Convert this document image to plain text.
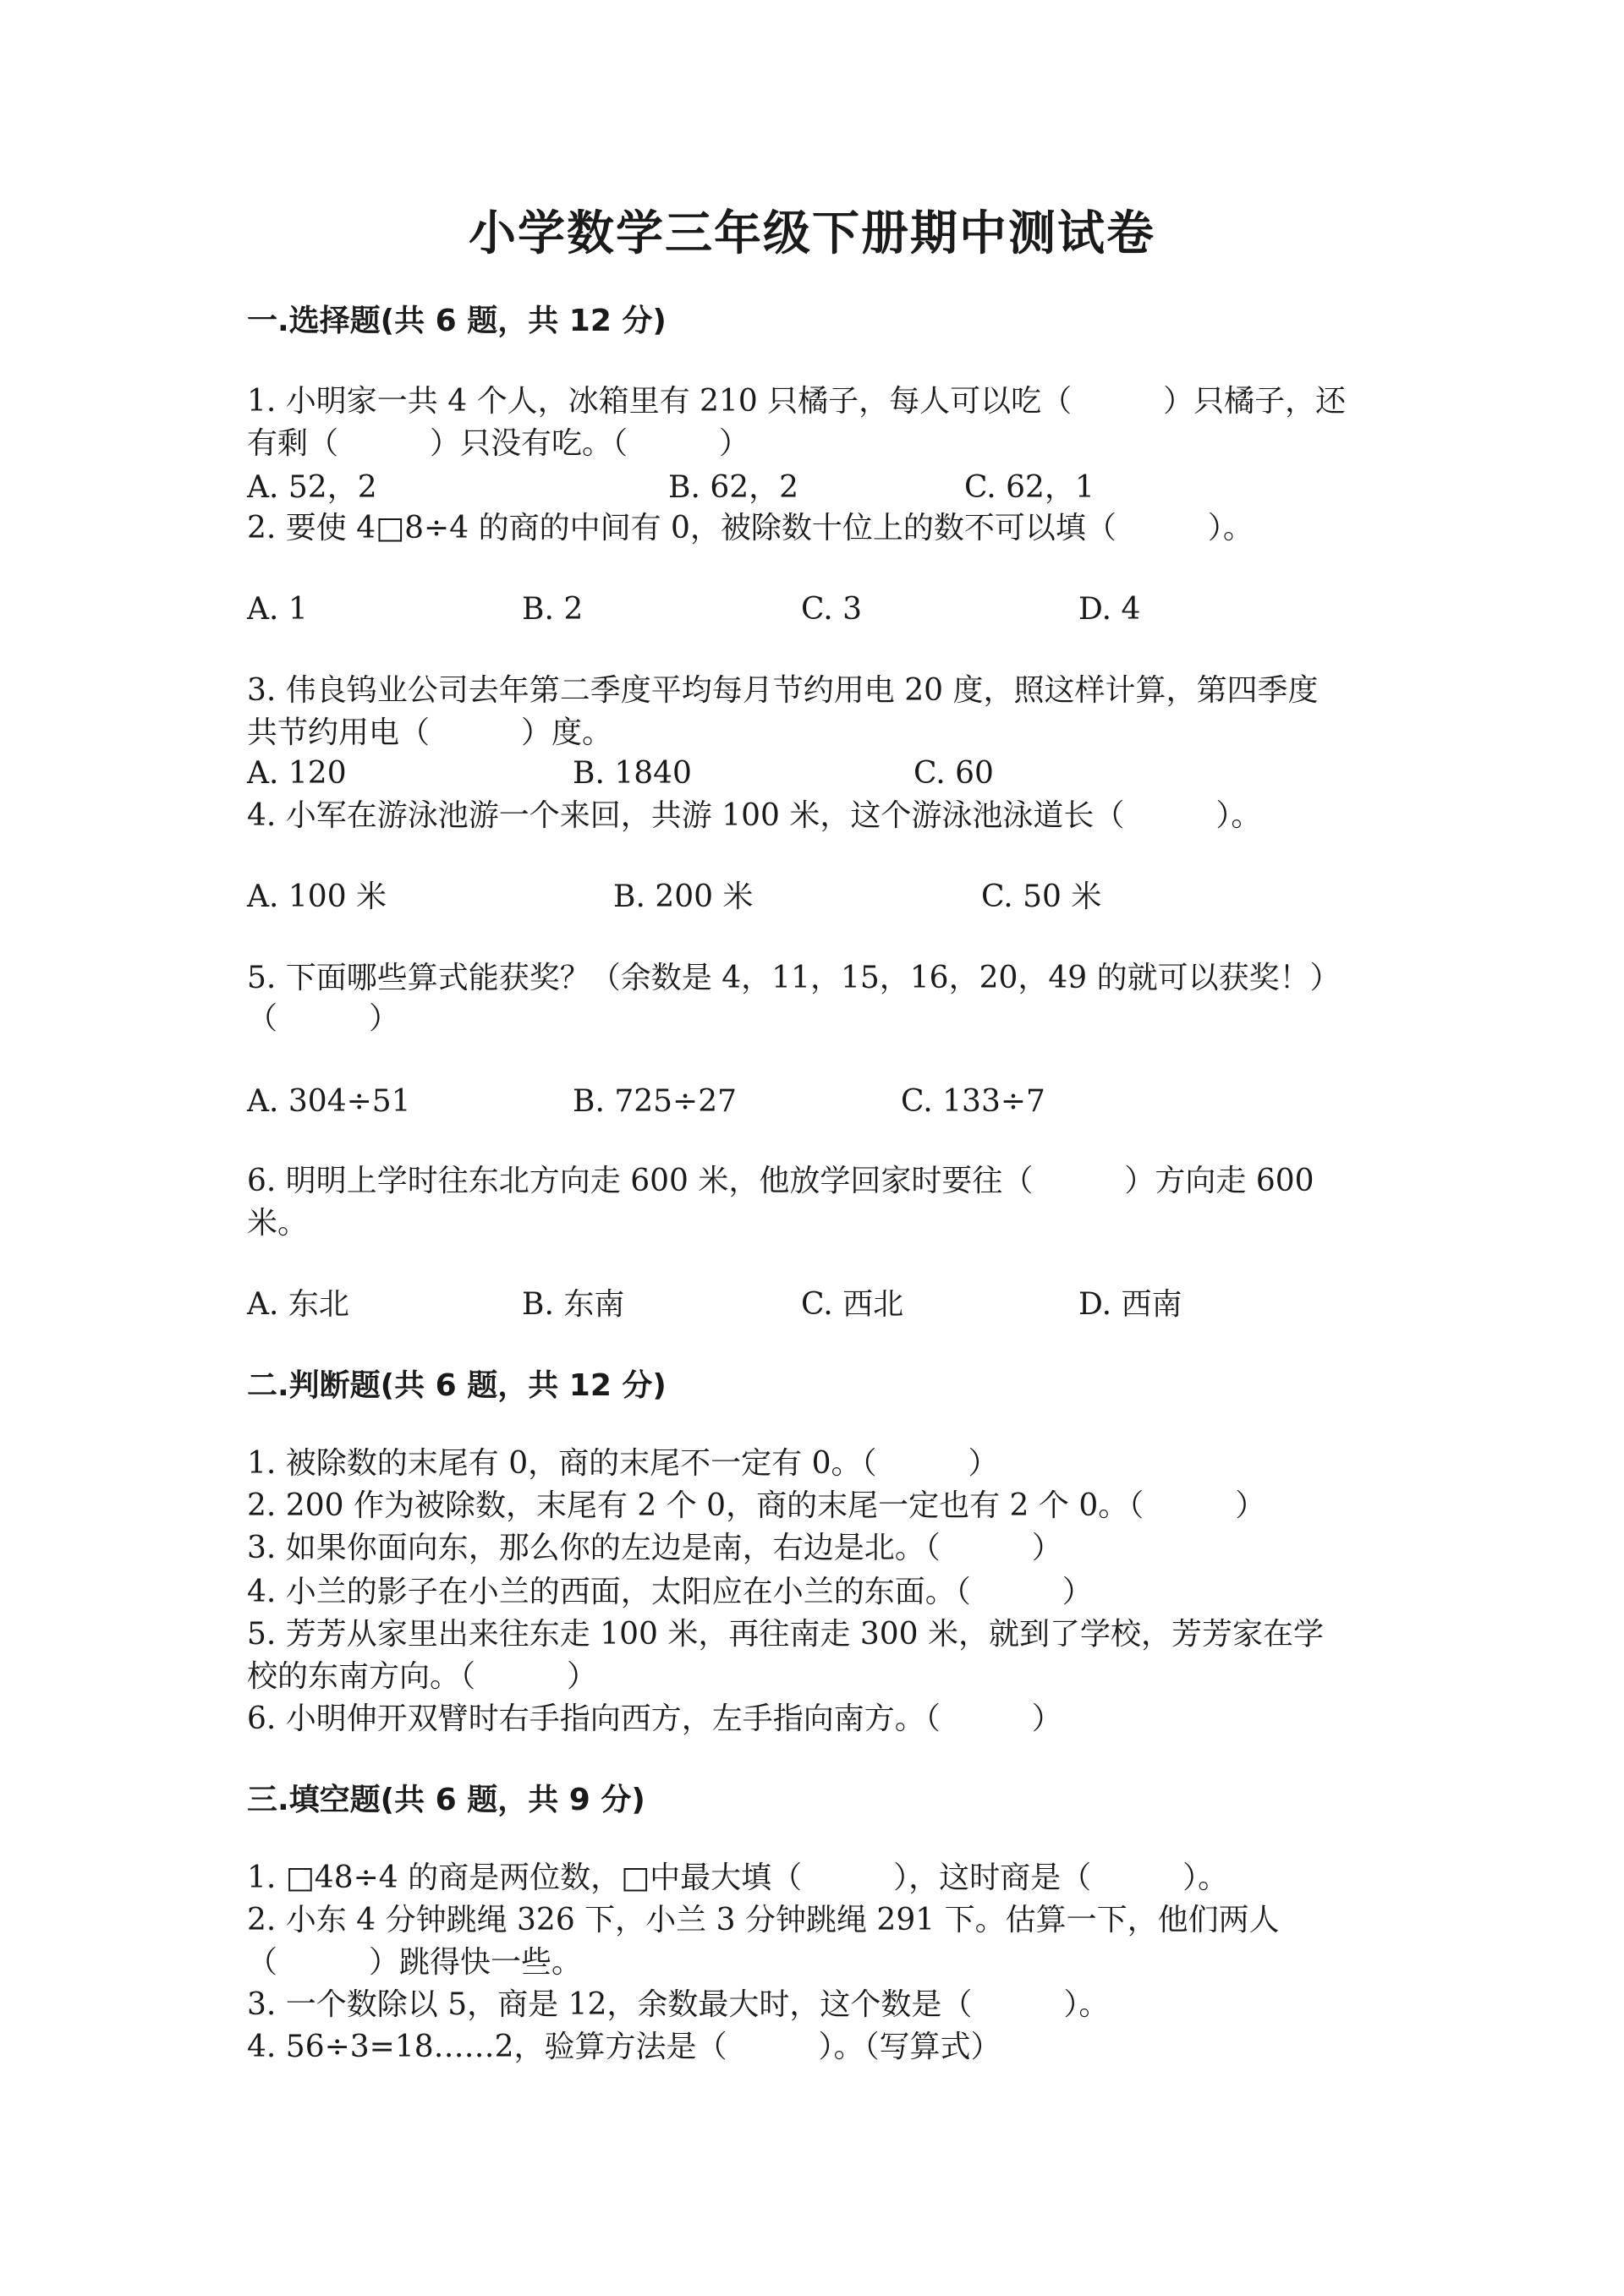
小学数学三年级下册期中测试卷
一.选择题(共 6 题，共 12 分)
1. 小明家一共 4 个人，冰箱里有 210 只橘子，每人可以吃（　　　）只橘子，还
有剩（　　　）只没有吃。（　　　）
A. 52，2	B. 62，2	C. 62，1
2. 要使 4□8÷4 的商的中间有 0，被除数十位上的数不可以填（　　　）。
A. 1	B. 2	C. 3	D. 4
3. 伟良钨业公司去年第二季度平均每月节约用电 20 度，照这样计算，第四季度
共节约用电（　　　）度。
A. 120	B. 1840	C. 60
4. 小军在游泳池游一个来回，共游 100 米，这个游泳池泳道长（　　　）。
A. 100 米	B. 200 米	C. 50 米
5. 下面哪些算式能获奖？（余数是 4，11，15，16，20，49 的就可以获奖！）
（　　　）
A. 304÷51	B. 725÷27	C. 133÷7
6. 明明上学时往东北方向走 600 米，他放学回家时要往（　　　）方向走 600
米。
A. 东北	B. 东南	C. 西北	D. 西南
二.判断题(共 6 题，共 12 分)
1. 被除数的末尾有 0，商的末尾不一定有 0。（　　　）
2. 200 作为被除数，末尾有 2 个 0，商的末尾一定也有 2 个 0。（　　　）
3. 如果你面向东，那么你的左边是南，右边是北。（　　　）
4. 小兰的影子在小兰的西面，太阳应在小兰的东面。（　　　）
5. 芳芳从家里出来往东走 100 米，再往南走 300 米，就到了学校，芳芳家在学
校的东南方向。（　　　）
6. 小明伸开双臂时右手指向西方，左手指向南方。（　　　）
三.填空题(共 6 题，共 9 分)
1. □48÷4 的商是两位数，□中最大填（　　　），这时商是（　　　）。
2. 小东 4 分钟跳绳 326 下，小兰 3 分钟跳绳 291 下。估算一下，他们两人
（　　　）跳得快一些。
3. 一个数除以 5，商是 12，余数最大时，这个数是（　　　）。
4. 56÷3=18……2，验算方法是（　　　）。（写算式）
